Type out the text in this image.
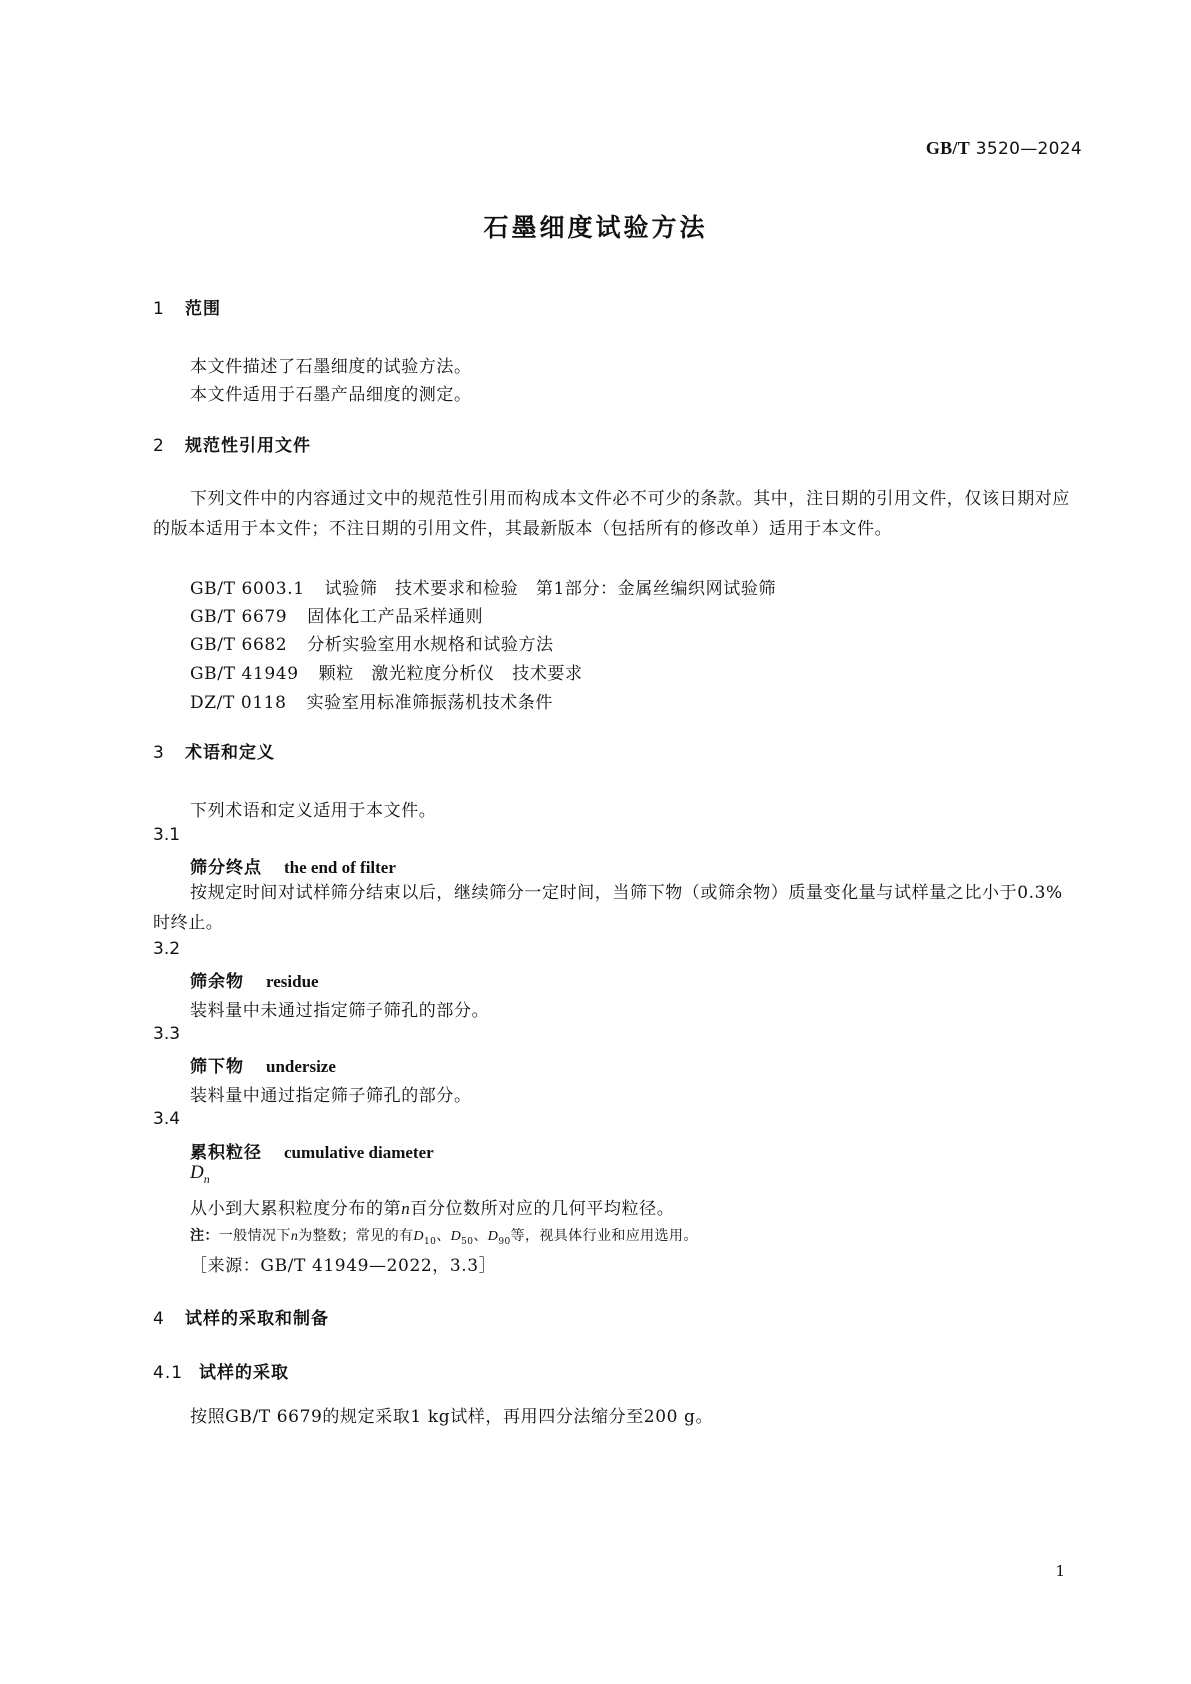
GB/T 3520—2024
石墨细度试验方法
1 范围
本文件描述了石墨细度的试验方法。
本文件适用于石墨产品细度的测定。
2 规范性引用文件
下列文件中的内容通过文中的规范性引用而构成本文件必不可少的条款。其中，注日期的引用文件，仅该日期对应的版本适用于本文件；不注日期的引用文件，其最新版本（包括所有的修改单）适用于本文件。
GB/T 6003.1 试验筛　技术要求和检验　第1部分：金属丝编织网试验筛
GB/T 6679 固体化工产品采样通则
GB/T 6682 分析实验室用水规格和试验方法
GB/T 41949 颗粒　激光粒度分析仪　技术要求
DZ/T 0118 实验室用标准筛振荡机技术条件
3 术语和定义
下列术语和定义适用于本文件。
3.1
筛分终点 the end of filter
按规定时间对试样筛分结束以后，继续筛分一定时间，当筛下物（或筛余物）质量变化量与试样量之比小于0.3%时终止。
3.2
筛余物 residue
装料量中未通过指定筛子筛孔的部分。
3.3
筛下物 undersize
装料量中通过指定筛子筛孔的部分。
3.4
累积粒径 cumulative diameter
$D_n$
从小到大累积粒度分布的第n百分位数所对应的几何平均粒径。
注：一般情况下n为整数；常见的有$D_{10}$、$D_{50}$、$D_{90}$等，视具体行业和应用选用。
［来源：GB/T 41949—2022，3.3］
4 试样的采取和制备
4.1 试样的采取
按照GB/T 6679的规定采取1 kg试样，再用四分法缩分至200 g。
1
